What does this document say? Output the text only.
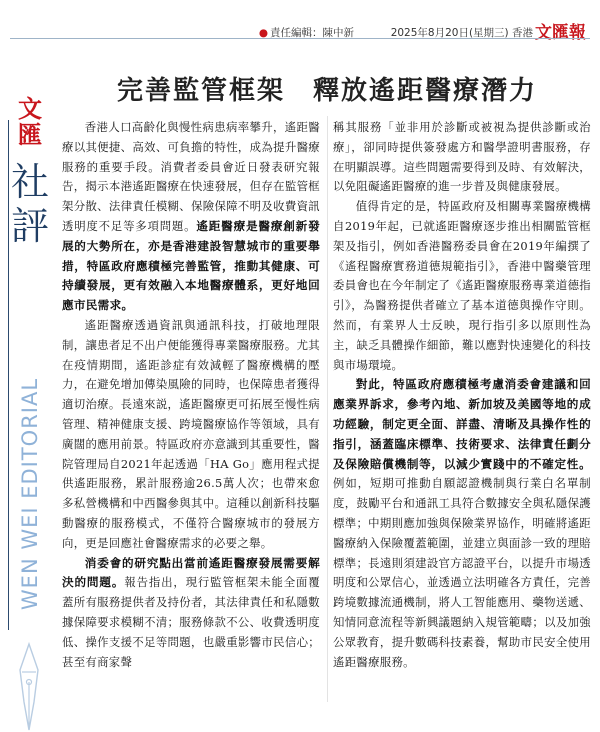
● 責任編輯：陳中新	2025年8月20日(星期三) 香港 文匯報
文匯
社評
WEN WEI EDITORIAL
完善監管框架　釋放遙距醫療潛力

香港人口高齡化與慢性病患病率攀升，遙距醫療以其便捷、高效、可負擔的特性，成為提升醫療服務的重要手段。消費者委員會近日發表研究報告，揭示本港遙距醫療在快速發展，但存在監管框架分散、法律責任模糊、保險保障不明及收費資訊透明度不足等多項問題。遙距醫療是醫療創新發展的大勢所在，亦是香港建設智慧城市的重要舉措，特區政府應積極完善監管，推動其健康、可持續發展，更有效融入本地醫療體系，更好地回應市民需求。

遙距醫療透過資訊與通訊科技，打破地理限制，讓患者足不出户便能獲得專業醫療服務。尤其在疫情期間，遙距診症有效減輕了醫療機構的壓力，在避免增加傳染風險的同時，也保障患者獲得適切治療。長遠來説，遙距醫療更可拓展至慢性病管理、精神健康支援、跨境醫療協作等領域，具有廣闊的應用前景。特區政府亦意識到其重要性，醫院管理局自2021年起透過「HA Go」應用程式提供遙距服務，累計服務逾26.5萬人次；也帶來愈多私營機構和中西醫參與其中。這種以創新科技驅動醫療的服務模式，不僅符合醫療城市的發展方向，更是回應社會醫療需求的必要之舉。

消委會的研究點出當前遙距醫療發展需要解決的問題。報告指出，現行監管框架未能全面覆蓋所有服務提供者及持份者，其法律責任和私隱數據保障要求模糊不清；服務條款不公、收費透明度低、操作支援不足等問題，也嚴重影響市民信心；甚至有商家聲

稱其服務「並非用於診斷或被視為提供診斷或治療」，卻同時提供簽發處方和醫學證明書服務，存在明顯誤導。這些問題需要得到及時、有效解決，以免阻礙遙距醫療的進一步普及與健康發展。

值得肯定的是，特區政府及相關專業醫療機構自2019年起，已就遙距醫療逐步推出相關監管框架及指引，例如香港醫務委員會在2019年編撰了《遙程醫療實務道德規範指引》，香港中醫藥管理委員會也在今年制定了《遙距醫療服務專業道德指引》，為醫務提供者確立了基本道德與操作守則。然而，有業界人士反映，現行指引多以原則性為主，缺乏具體操作細節，難以應對快速變化的科技與市場環境。

對此，特區政府應積極考慮消委會建議和回應業界訴求，參考內地、新加坡及美國等地的成功經驗，制定更全面、詳盡、清晰及具操作性的指引，涵蓋臨床標準、技術要求、法律責任劃分及保險賠償機制等，以減少實踐中的不確定性。例如，短期可推動自願認證機制與行業白名單制度，鼓勵平台和通訊工具符合數據安全與私隱保護標準；中期則應加強與保險業界協作，明確將遙距醫療納入保險覆蓋範圍，並建立與面診一致的理賠標準；長遠則須建設官方認證平台，以提升市場透明度和公眾信心，並透過立法明確各方責任，完善跨境數據流通機制，將人工智能應用、藥物送遞、知情同意流程等新興議題納入規管範疇；以及加強公眾教育，提升數碼科技素養，幫助市民安全使用遙距醫療服務。
